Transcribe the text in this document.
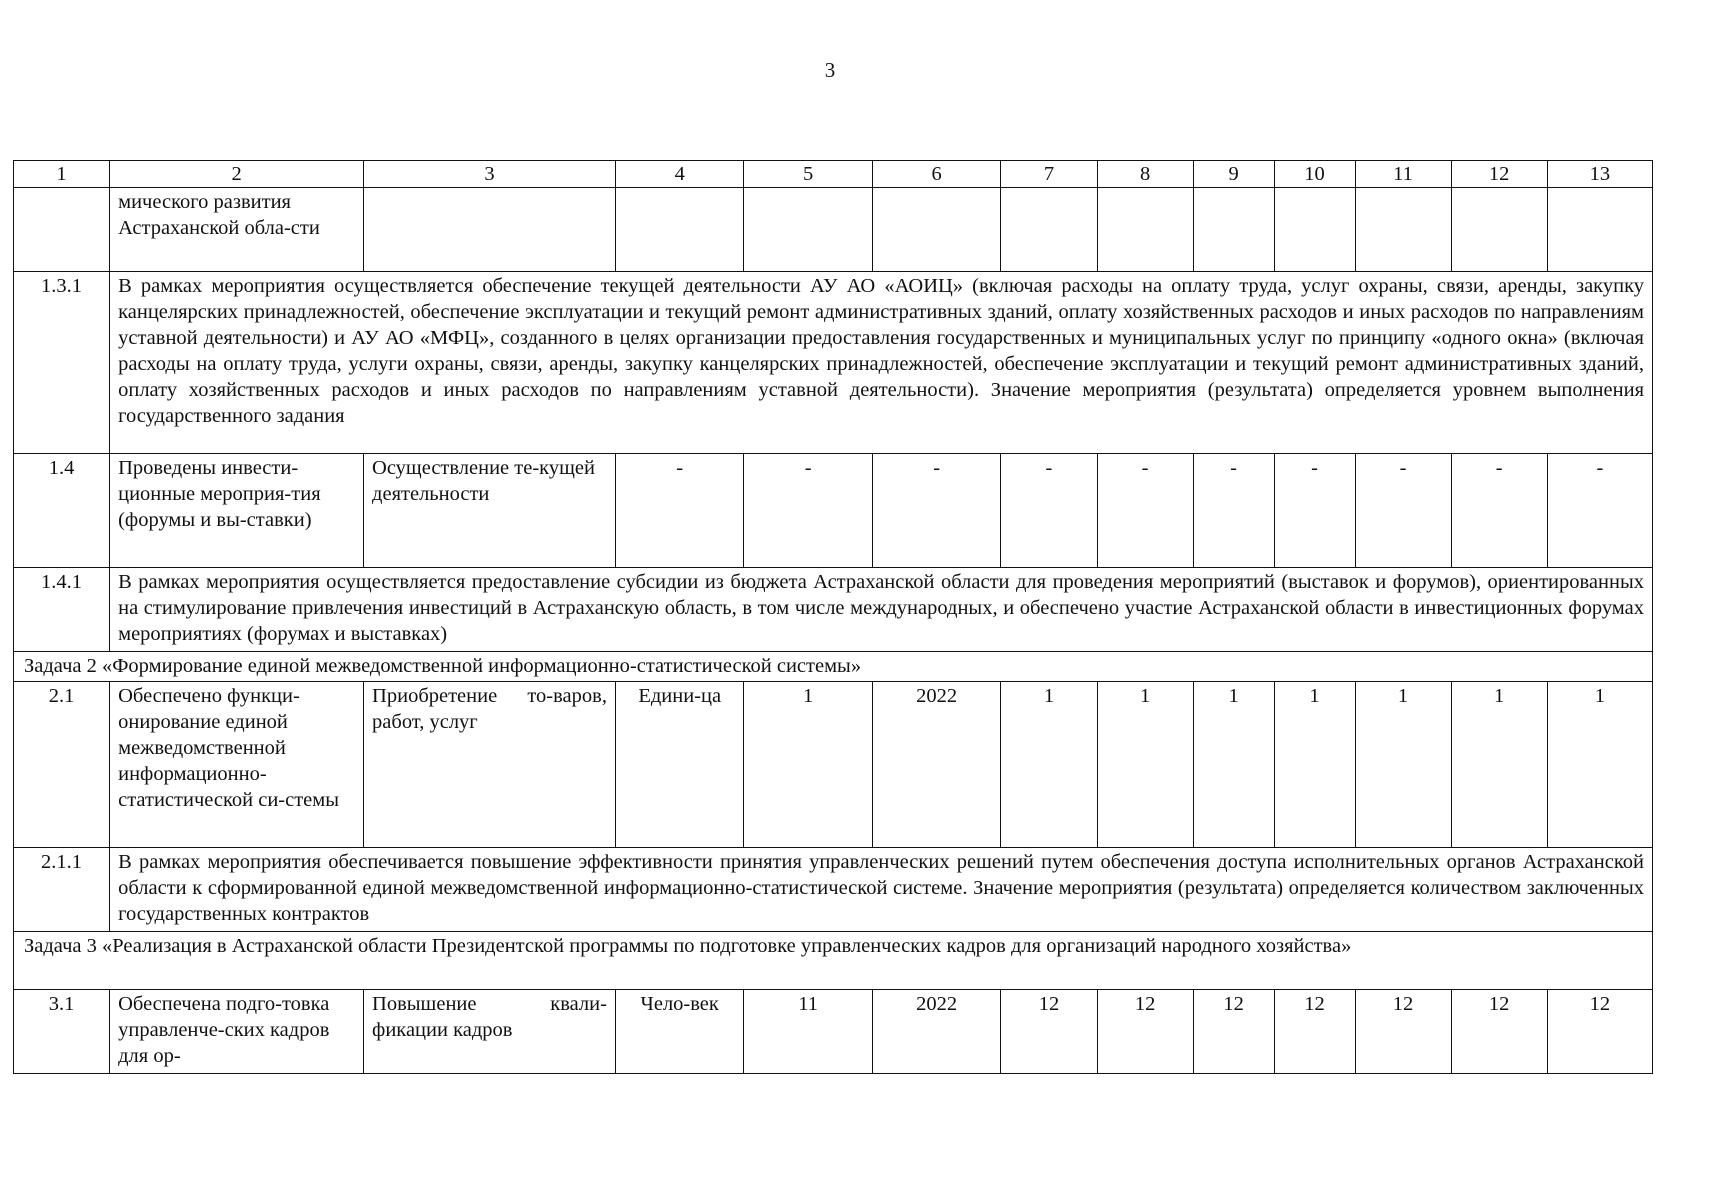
3
1	2	3	4	5	6	7	8	9	10	11	12	13
	мического развития Астраханской обла-сти											
1.3.1	В рамках мероприятия осуществляется обеспечение текущей деятельности АУ АО «АОИЦ» (включая расходы на оплату труда, услуг охраны, связи, аренды, закупку канцелярских принадлежностей, обеспечение эксплуатации и текущий ремонт административных зданий, оплату хозяйственных расходов и иных расходов по направлениям уставной деятельности) и АУ АО «МФЦ», созданного в целях организации предоставления государственных и муниципальных услуг по принципу «одного окна» (включая расходы на оплату труда, услуги охраны, связи, аренды, закупку канцелярских принадлежностей, обеспечение эксплуатации и текущий ремонт административных зданий, оплату хозяйственных расходов и иных расходов по направлениям уставной деятельности). Значение мероприятия (результата) определяется уровнем выполнения государственного задания											
1.4	Проведены инвести-ционные мероприя-тия (форумы и вы-ставки)	Осуществление те-кущей деятельности	-	-	-	-	-	-	-	-	-	-
1.4.1	В рамках мероприятия осуществляется предоставление субсидии из бюджета Астраханской области для проведения мероприятий (выставок и форумов), ориентированных на стимулирование привлечения инвестиций в Астраханскую область, в том числе международных, и обеспечено участие Астраханской области в инвестиционных форумах мероприятиях (форумах и выставках)											
Задача 2 «Формирование единой межведомственной информационно-статистической системы»												
2.1	Обеспечено функци-онирование единой межведомственной информационно-статистической си-стемы	Приобретение то-варов, работ, услуг	Едини-ца	1	2022	1	1	1	1	1	1	1
2.1.1	В рамках мероприятия обеспечивается повышение эффективности принятия управленческих решений путем обеспечения доступа исполнительных органов Астраханской области к сформированной единой межведомственной информационно-статистической системе. Значение мероприятия (результата) определяется количеством заключенных государственных контрактов											
Задача 3 «Реализация в Астраханской области Президентской программы по подготовке управленческих кадров для организаций народного хозяйства»												
3.1	Обеспечена подго-товка управленче-ских кадров для ор-	Повышение квали-фикации кадров	Чело-век	11	2022	12	12	12	12	12	12	12
